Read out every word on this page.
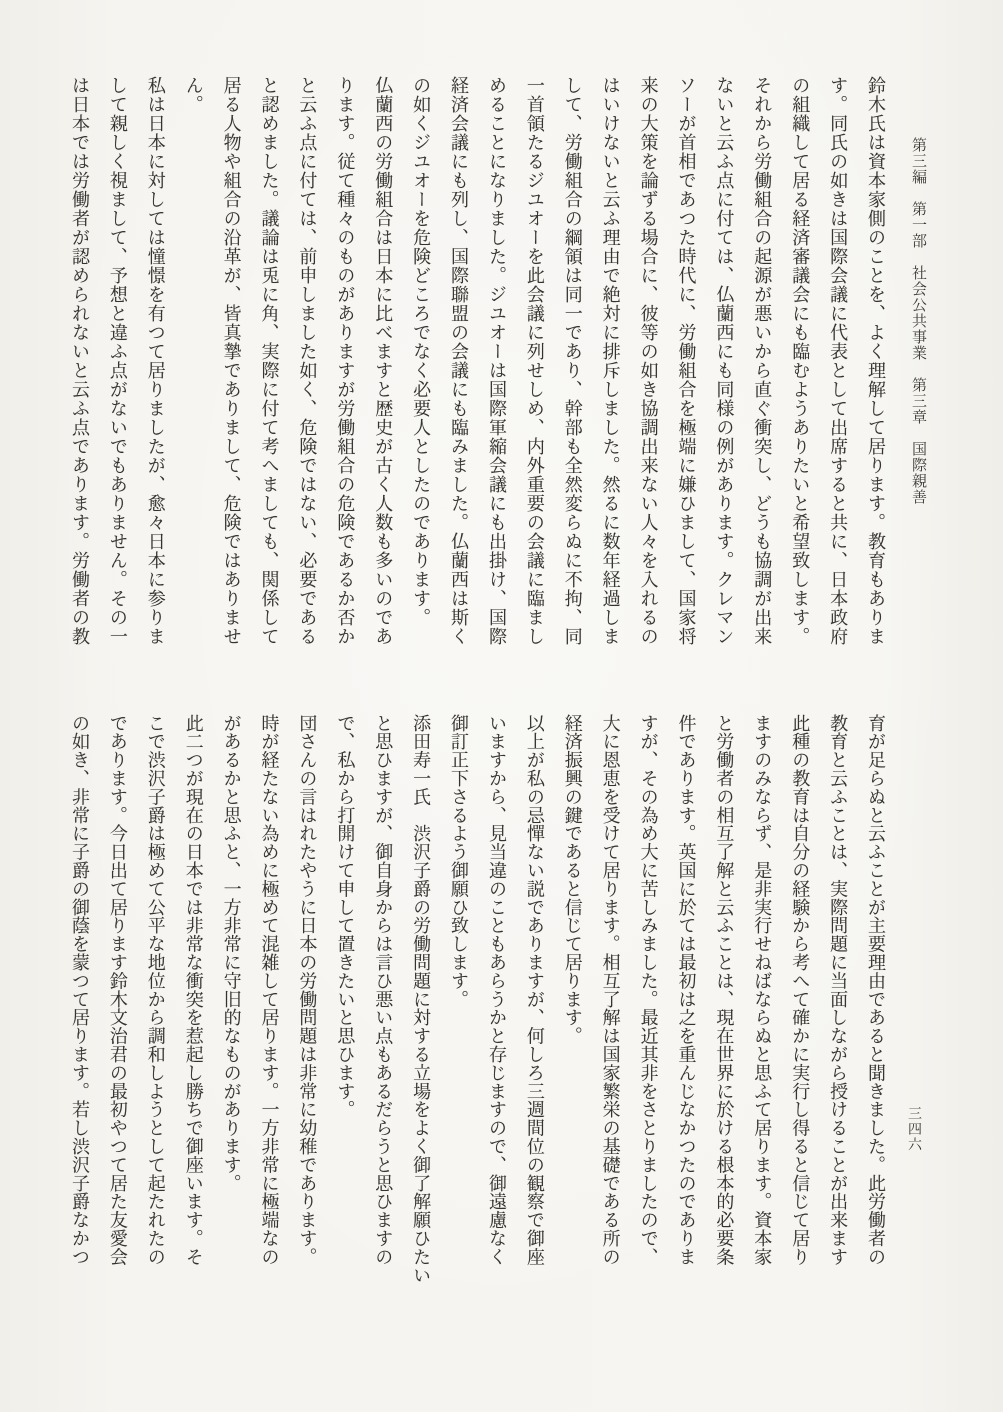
第三編　第一部　社会公共事業　第三章　国際親善
三四六

鈴木氏は資本家側のことを、よく理解して居ります。教育もありま

す。同氏の如きは国際会議に代表として出席すると共に、日本政府

の組織して居る経済審議会にも臨むようありたいと希望致します。

それから労働組合の起源が悪いから直ぐ衝突し、どうも協調が出来

ないと云ふ点に付ては、仏蘭西にも同様の例があります。クレマン

ソーが首相であつた時代に、労働組合を極端に嫌ひまして、国家将

来の大策を論ずる場合に、彼等の如き協調出来ない人々を入れるの

はいけないと云ふ理由で絶対に排斥しました。然るに数年経過しま

して、労働組合の綱領は同一であり、幹部も全然変らぬに不拘、同

一首領たるジユオーを此会議に列せしめ、内外重要の会議に臨まし

めることになりました。ジユオーは国際軍縮会議にも出掛け、国際

経済会議にも列し、国際聯盟の会議にも臨みました。仏蘭西は斯く

の如くジユオーを危険どころでなく必要人としたのであります。

仏蘭西の労働組合は日本に比べますと歴史が古く人数も多いのであ

ります。従て種々のものがありますが労働組合の危険であるか否か

と云ふ点に付ては、前申しました如く、危険ではない、必要である

と認めました。議論は兎に角、実際に付て考へましても、関係して

居る人物や組合の沿革が、皆真摯でありまして、危険ではありませ

ん。

私は日本に対しては憧憬を有つて居りましたが、愈々日本に参りま

して親しく視まして、予想と違ふ点がないでもありません。その一

は日本では労働者が認められないと云ふ点であります。労働者の教

育が足らぬと云ふことが主要理由であると聞きました。此労働者の

教育と云ふことは、実際問題に当面しながら授けることが出来ます

此種の教育は自分の経験から考へて確かに実行し得ると信じて居り

ますのみならず、是非実行せねばならぬと思ふて居ります。資本家

と労働者の相互了解と云ふことは、現在世界に於ける根本的必要条

件であります。英国に於ては最初は之を重んじなかつたのでありま

すが、その為め大に苦しみました。最近其非をさとりましたので、

大に恩恵を受けて居ります。相互了解は国家繁栄の基礎である所の

経済振興の鍵であると信じて居ります。

以上が私の忌憚ない説でありますが、何しろ三週間位の観察で御座

いますから、見当違のこともあらうかと存じますので、御遠慮なく

御訂正下さるよう御願ひ致します。

添田寿一氏　渋沢子爵の労働問題に対する立場をよく御了解願ひたい

と思ひますが、御自身からは言ひ悪い点もあるだらうと思ひますの

で、私から打開けて申して置きたいと思ひます。

団さんの言はれたやうに日本の労働問題は非常に幼稚であります。

時が経たない為めに極めて混雑して居ります。一方非常に極端なの

があるかと思ふと、一方非常に守旧的なものがあります。

此二つが現在の日本では非常な衝突を惹起し勝ちで御座います。そ

こで渋沢子爵は極めて公平な地位から調和しようとして起たれたの

であります。今日出て居ります鈴木文治君の最初やつて居た友愛会

の如き、非常に子爵の御蔭を蒙つて居ります。若し渋沢子爵なかつ
